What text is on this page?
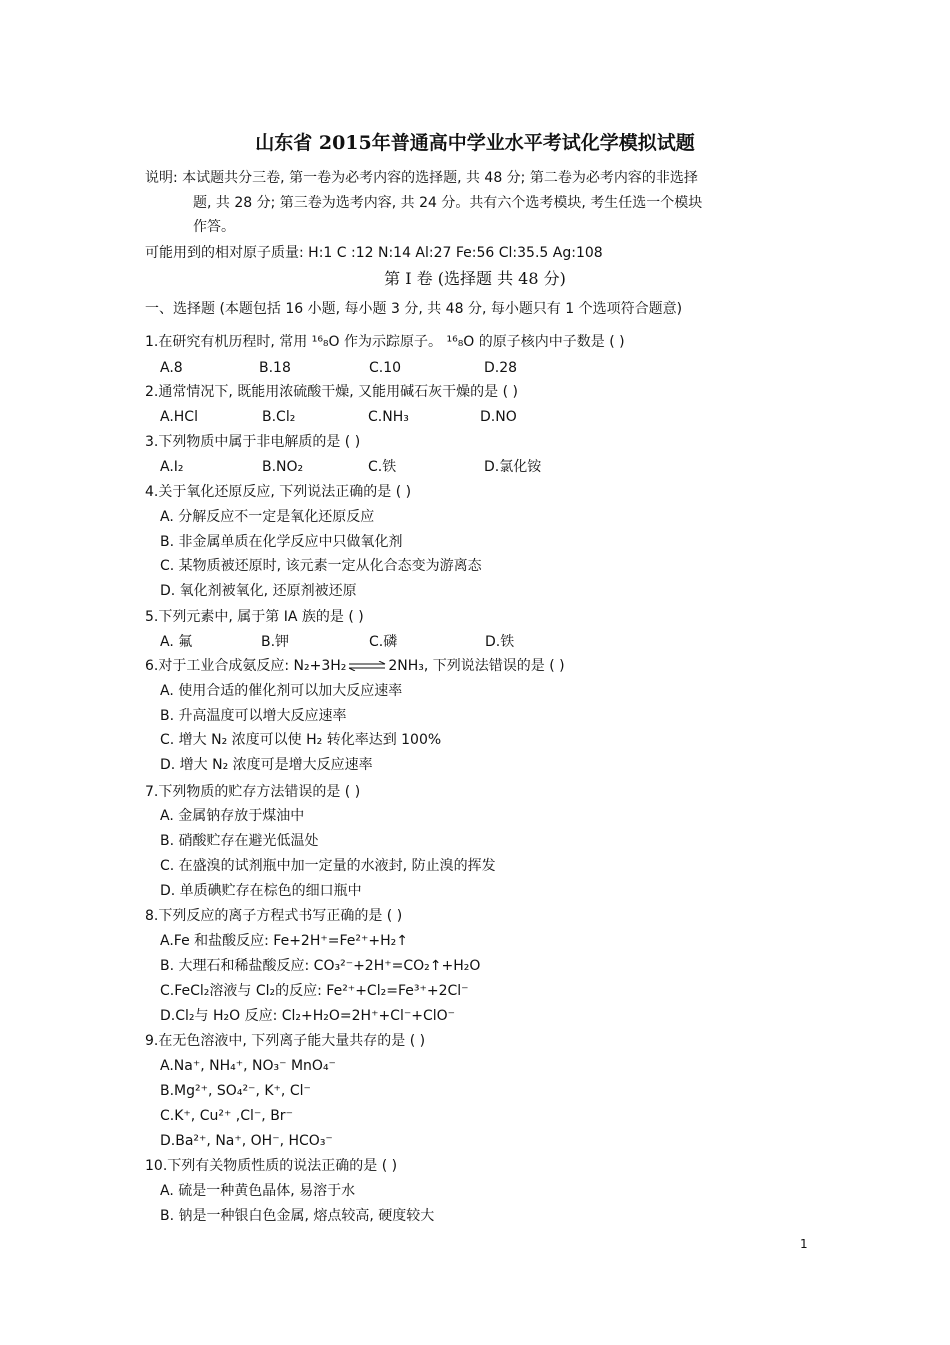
山东省 2015年普通高中学业水平考试化学模拟试题
说明: 本试题共分三卷, 第一卷为必考内容的选择题, 共 48 分; 第二卷为必考内容的非选择
题, 共 28 分; 第三卷为选考内容, 共 24 分。共有六个选考模块, 考生任选一个模块
作答。
可能用到的相对原子质量: H:1 C :12 N:14 Al:27 Fe:56 Cl:35.5 Ag:108
第 I 卷 (选择题 共 48 分)
一、选择题 (本题包括 16 小题, 每小题 3 分, 共 48 分, 每小题只有 1 个选项符合题意)
1.在研究有机历程时, 常用 ¹⁶₈O 作为示踪原子。 ¹⁶₈O 的原子核内中子数是 ( )
A.8	B.18	C.10	D.28
2.通常情况下, 既能用浓硫酸干燥, 又能用碱石灰干燥的是 ( )
A.HCl	B.Cl₂	C.NH₃	D.NO
3.下列物质中属于非电解质的是 ( )
A.I₂	B.NO₂	C.铁	D.氯化铵
4.关于氧化还原反应, 下列说法正确的是 ( )
A. 分解反应不一定是氧化还原反应
B. 非金属单质在化学反应中只做氧化剂
C. 某物质被还原时, 该元素一定从化合态变为游离态
D. 氧化剂被氧化, 还原剂被还原
5.下列元素中, 属于第 IA 族的是 ( )
A. 氟	B.钾	C.磷	D.铁
6.对于工业合成氨反应: N₂+3H₂ ⇌ 2NH₃, 下列说法错误的是 ( )
A. 使用合适的催化剂可以加大反应速率
B. 升高温度可以增大反应速率
C. 增大 N₂ 浓度可以使 H₂ 转化率达到 100%
D. 增大 N₂ 浓度可是增大反应速率
7.下列物质的贮存方法错误的是 ( )
A. 金属钠存放于煤油中
B. 硝酸贮存在避光低温处
C. 在盛溴的试剂瓶中加一定量的水液封, 防止溴的挥发
D. 单质碘贮存在棕色的细口瓶中
8.下列反应的离子方程式书写正确的是 ( )
A.Fe 和盐酸反应: Fe+2H⁺=Fe²⁺+H₂↑
B. 大理石和稀盐酸反应: CO₃²⁻+2H⁺=CO₂↑+H₂O
C.FeCl₂溶液与 Cl₂的反应: Fe²⁺+Cl₂=Fe³⁺+2Cl⁻
D.Cl₂与 H₂O 反应: Cl₂+H₂O=2H⁺+Cl⁻+ClO⁻
9.在无色溶液中, 下列离子能大量共存的是 ( )
A.Na⁺, NH₄⁺, NO₃⁻ MnO₄⁻
B.Mg²⁺, SO₄²⁻, K⁺, Cl⁻
C.K⁺, Cu²⁺ ,Cl⁻, Br⁻
D.Ba²⁺, Na⁺, OH⁻, HCO₃⁻
10.下列有关物质性质的说法正确的是 ( )
A. 硫是一种黄色晶体, 易溶于水
B. 钠是一种银白色金属, 熔点较高, 硬度较大
1
